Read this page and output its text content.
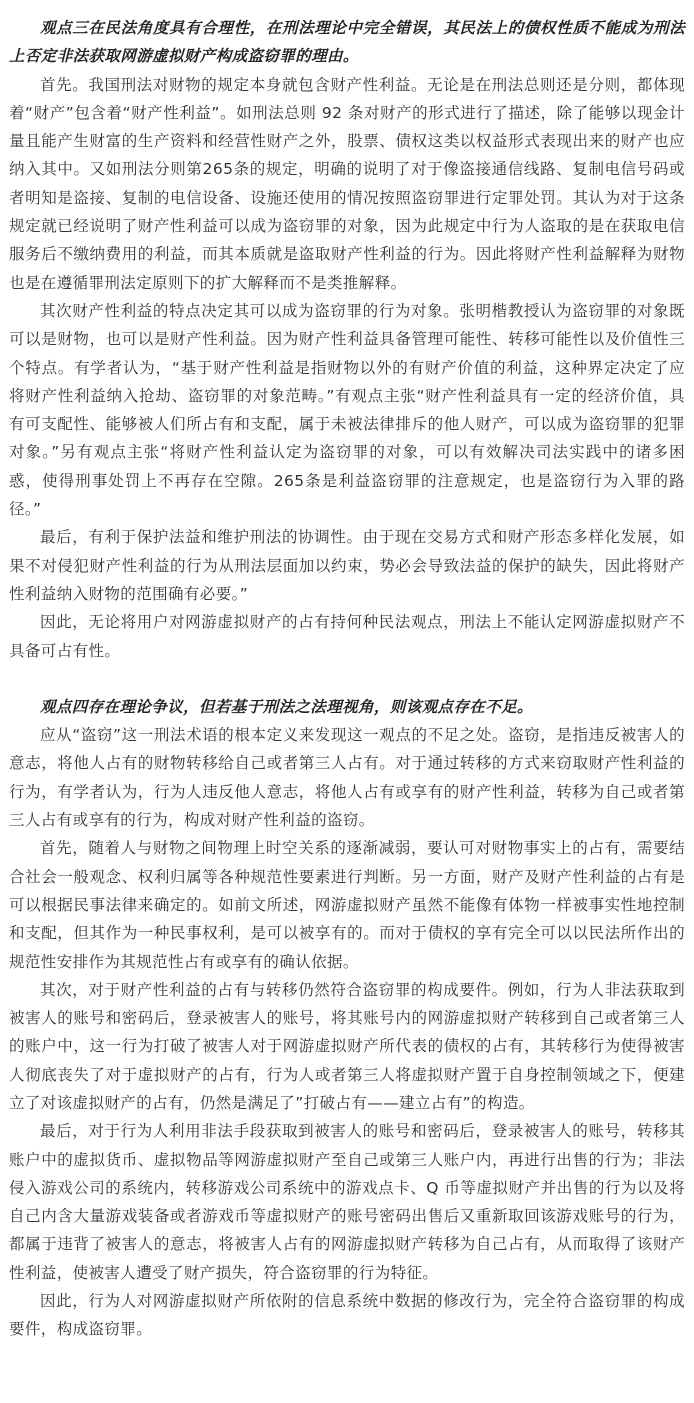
观点三在民法角度具有合理性，在刑法理论中完全错误，其民法上的债权性质不能成为刑法上否定非法获取网游虚拟财产构成盗窃罪的理由。

首先。我国刑法对财物的规定本身就包含财产性利益。无论是在刑法总则还是分则，都体现着“财产”包含着“财产性利益”。如刑法总则 92 条对财产的形式进行了描述，除了能够以现金计量且能产生财富的生产资料和经营性财产之外，股票、债权这类以权益形式表现出来的财产也应纳入其中。又如刑法分则第265条的规定，明确的说明了对于像盗接通信线路、复制电信号码或者明知是盗接、复制的电信设备、设施还使用的情况按照盗窃罪进行定罪处罚。其认为对于这条规定就已经说明了财产性利益可以成为盗窃罪的对象，因为此规定中行为人盗取的是在获取电信服务后不缴纳费用的利益，而其本质就是盗取财产性利益的行为。因此将财产性利益解释为财物也是在遵循罪刑法定原则下的扩大解释而不是类推解释。

其次财产性利益的特点决定其可以成为盗窃罪的行为对象。张明楷教授认为盗窃罪的对象既可以是财物，也可以是财产性利益。因为财产性利益具备管理可能性、转移可能性以及价值性三个特点。有学者认为，“基于财产性利益是指财物以外的有财产价值的利益，这种界定决定了应将财产性利益纳入抢劫、盗窃罪的对象范畴。”有观点主张“财产性利益具有一定的经济价值，具有可支配性、能够被人们所占有和支配，属于未被法律排斥的他人财产，可以成为盗窃罪的犯罪对象。”另有观点主张“将财产性利益认定为盗窃罪的对象，可以有效解决司法实践中的诸多困惑，使得刑事处罚上不再存在空隙。265条是利益盗窃罪的注意规定，也是盗窃行为入罪的路径。”

最后，有利于保护法益和维护刑法的协调性。由于现在交易方式和财产形态多样化发展，如果不对侵犯财产性利益的行为从刑法层面加以约束，势必会导致法益的保护的缺失，因此将财产性利益纳入财物的范围确有必要。”

因此，无论将用户对网游虚拟财产的占有持何种民法观点，刑法上不能认定网游虚拟财产不具备可占有性。

观点四存在理论争议，但若基于刑法之法理视角，则该观点存在不足。

应从“盗窃”这一刑法术语的根本定义来发现这一观点的不足之处。盗窃，是指违反被害人的意志，将他人占有的财物转移给自己或者第三人占有。对于通过转移的方式来窃取财产性利益的行为，有学者认为，行为人违反他人意志，将他人占有或享有的财产性利益，转移为自己或者第三人占有或享有的行为，构成对财产性利益的盗窃。

首先，随着人与财物之间物理上时空关系的逐渐减弱，要认可对财物事实上的占有，需要结合社会一般观念、权利归属等各种规范性要素进行判断。另一方面，财产及财产性利益的占有是可以根据民事法律来确定的。如前文所述，网游虚拟财产虽然不能像有体物一样被事实性地控制和支配，但其作为一种民事权利，是可以被享有的。而对于债权的享有完全可以以民法所作出的规范性安排作为其规范性占有或享有的确认依据。

其次，对于财产性利益的占有与转移仍然符合盗窃罪的构成要件。例如，行为人非法获取到被害人的账号和密码后，登录被害人的账号，将其账号内的网游虚拟财产转移到自己或者第三人的账户中，这一行为打破了被害人对于网游虚拟财产所代表的债权的占有，其转移行为使得被害人彻底丧失了对于虚拟财产的占有，行为人或者第三人将虚拟财产置于自身控制领域之下，便建立了对该虚拟财产的占有，仍然是满足了”打破占有——建立占有”的构造。

最后，对于行为人利用非法手段获取到被害人的账号和密码后，登录被害人的账号，转移其账户中的虚拟货币、虚拟物品等网游虚拟财产至自己或第三人账户内，再进行出售的行为；非法侵入游戏公司的系统内，转移游戏公司系统中的游戏点卡、Q 币等虚拟财产并出售的行为以及将自己内含大量游戏装备或者游戏币等虚拟财产的账号密码出售后又重新取回该游戏账号的行为，都属于违背了被害人的意志，将被害人占有的网游虚拟财产转移为自己占有，从而取得了该财产性利益，使被害人遭受了财产损失，符合盗窃罪的行为特征。

因此，行为人对网游虚拟财产所依附的信息系统中数据的修改行为，完全符合盗窃罪的构成要件，构成盗窃罪。
